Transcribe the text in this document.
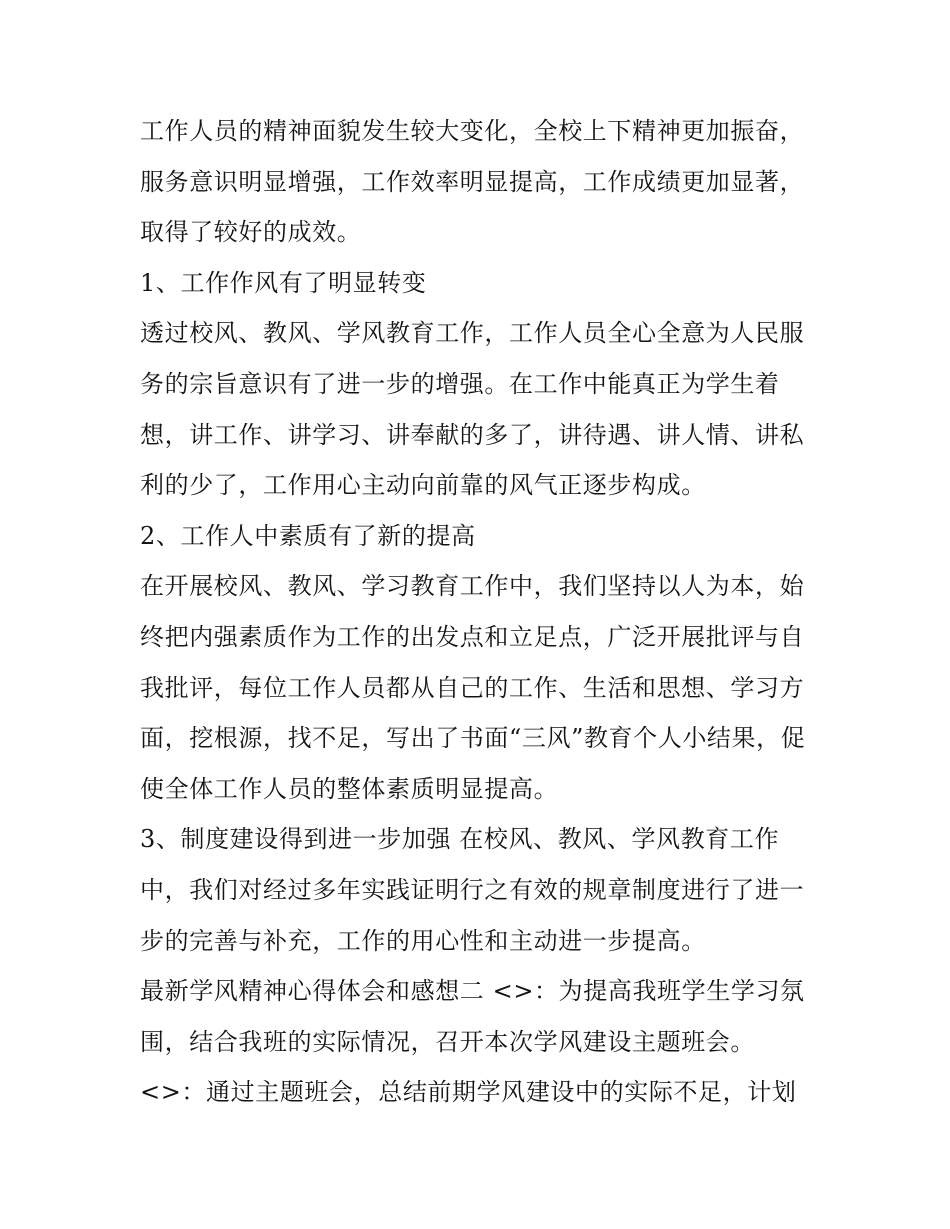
工作人员的精神面貌发生较大变化，全校上下精神更加振奋，
服务意识明显增强，工作效率明显提高，工作成绩更加显著，
取得了较好的成效。
1、工作作风有了明显转变
透过校风、教风、学风教育工作，工作人员全心全意为人民服
务的宗旨意识有了进一步的增强。在工作中能真正为学生着
想，讲工作、讲学习、讲奉献的多了，讲待遇、讲人情、讲私
利的少了，工作用心主动向前靠的风气正逐步构成。
2、工作人中素质有了新的提高
在开展校风、教风、学习教育工作中，我们坚持以人为本，始
终把内强素质作为工作的出发点和立足点，广泛开展批评与自
我批评，每位工作人员都从自己的工作、生活和思想、学习方
面，挖根源，找不足，写出了书面“三风”教育个人小结果，促
使全体工作人员的整体素质明显提高。
3、制度建设得到进一步加强 在校风、教风、学风教育工作
中，我们对经过多年实践证明行之有效的规章制度进行了进一
步的完善与补充，工作的用心性和主动进一步提高。
最新学风精神心得体会和感想二 <>：为提高我班学生学习氛
围，结合我班的实际情况，召开本次学风建设主题班会。
<>：通过主题班会，总结前期学风建设中的实际不足，计划
